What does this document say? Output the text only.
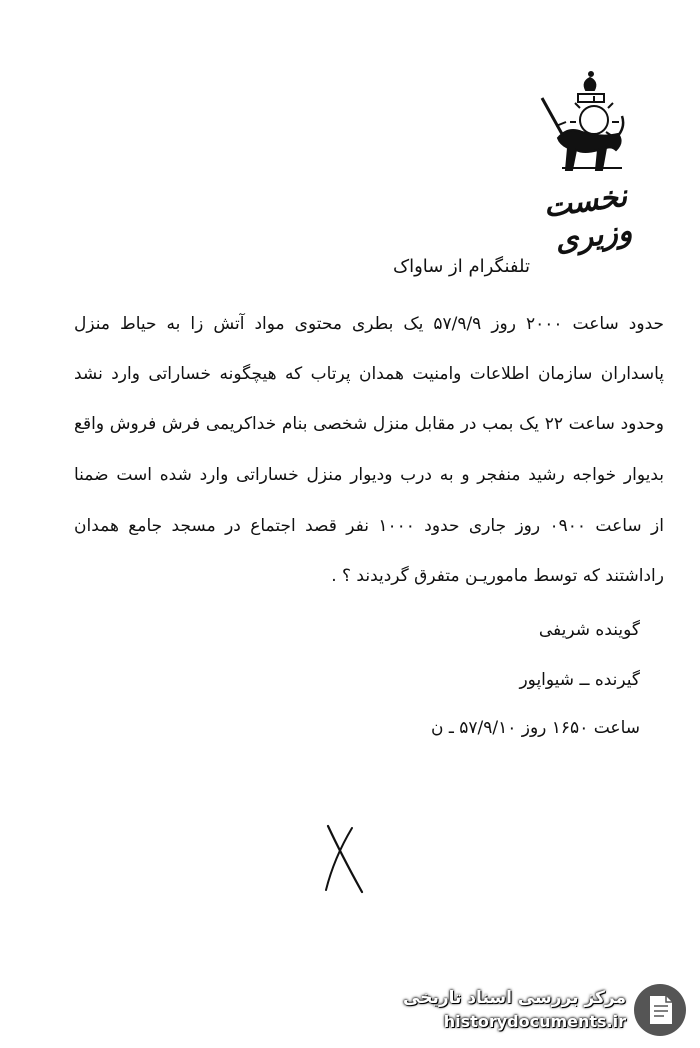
نخست وزیری
تلفنگرام از ساواک
حدود ساعت ۲۰۰۰ روز ۵۷/۹/۹ یک بطری محتوی مواد آتش زا به حیاط منزل
پاسداران سازمان اطلاعات وامنیت همدان پرتاب که هیچگونه خساراتی وارد نشد
وحدود ساعت ۲۲ یک بمب در مقابل منزل شخصی بنام خداکریمی فرش فروش واقع
بدیوار خواجه رشید منفجر و به درب ودیوار منزل خساراتی وارد شده است ضمنا
از ساعت ۰۹۰۰ روز جاری حدود ۱۰۰۰ نفر قصد اجتماع در مسجد جامع همدان
راداشتند که توسط ماموریـن متفرق گردیدند ؟ .
گوینده شریفی
گیرنده ــ شیواپور
ساعت ۱۶۵۰ روز ۵۷/۹/۱۰ ـ ن
مرکز بررسی اسناد تاریخی
historydocuments.ir
